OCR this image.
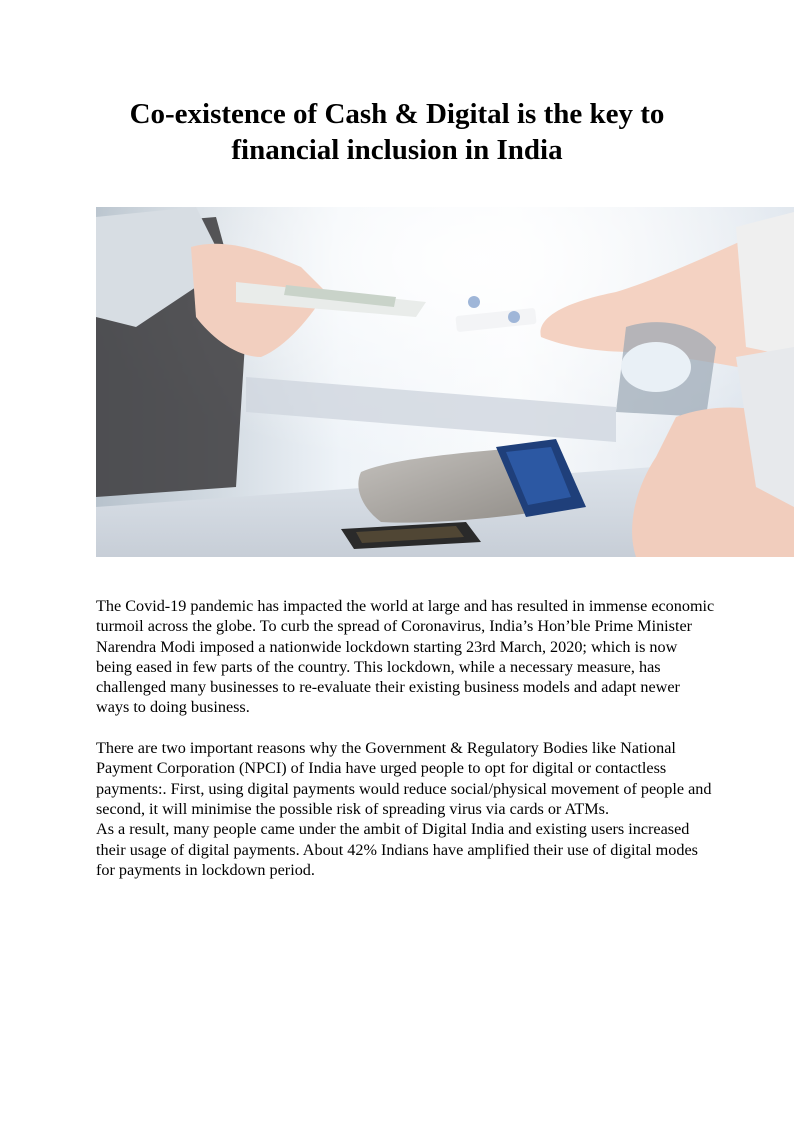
Co-existence of Cash & Digital is the key to
financial inclusion in India

The Covid-19 pandemic has impacted the world at large and has resulted in immense economic turmoil across the globe. To curb the spread of Coronavirus, India’s Hon’ble Prime Minister Narendra Modi imposed a nationwide lockdown starting 23rd March, 2020; which is now being eased in few parts of the country. This lockdown, while a necessary measure, has challenged many businesses to re-evaluate their existing business models and adapt newer ways to doing business.

There are two important reasons why the Government & Regulatory Bodies like National Payment Corporation (NPCI) of India have urged people to opt for digital or contactless payments:. First, using digital payments would reduce social/physical movement of people and second, it will minimise the possible risk of spreading virus via cards or ATMs.

As a result, many people came under the ambit of Digital India and existing users increased their usage of digital payments. About 42% Indians have amplified their use of digital modes for payments in lockdown period.
